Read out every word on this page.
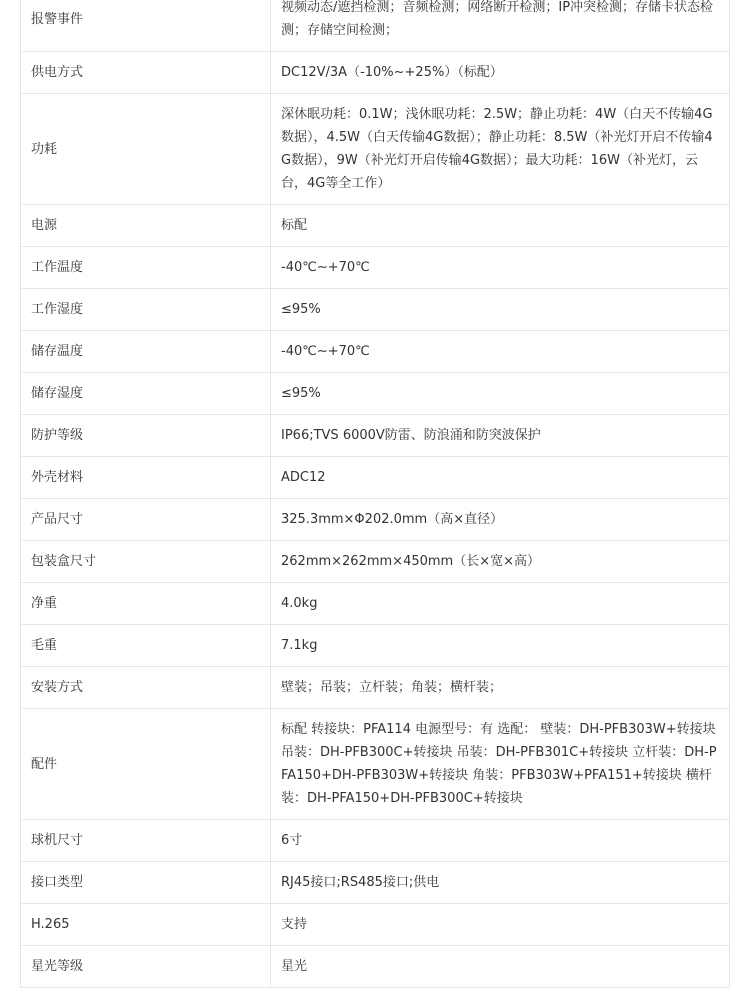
报警事件	视频动态/遮挡检测；音频检测；网络断开检测；IP冲突检测；存储卡状态检测；存储空间检测；
供电方式	DC12V/3A（-10%~+25%）（标配）
功耗	深休眠功耗：0.1W；浅休眠功耗：2.5W；静止功耗：4W（白天不传输4G数据），4.5W（白天传输4G数据）；静止功耗：8.5W（补光灯开启不传输4G数据），9W（补光灯开启传输4G数据）；最大功耗：16W（补光灯，云台，4G等全工作）
电源	标配
工作温度	-40℃~+70℃
工作湿度	≤95%
储存温度	-40℃~+70℃
储存湿度	≤95%
防护等级	IP66;TVS 6000V防雷、防浪涌和防突波保护
外壳材料	ADC12
产品尺寸	325.3mm×Φ202.0mm（高×直径）
包装盒尺寸	262mm×262mm×450mm（长×宽×高）
净重	4.0kg
毛重	7.1kg
安装方式	壁装；吊装；立杆装；角装；横杆装；
配件	标配 转接块：PFA114 电源型号：有 选配： 壁装：DH-PFB303W+转接块 吊装：DH-PFB300C+转接块 吊装：DH-PFB301C+转接块 立杆装：DH-PFA150+DH-PFB303W+转接块 角装：PFB303W+PFA151+转接块 横杆装：DH-PFA150+DH-PFB300C+转接块
球机尺寸	6寸
接口类型	RJ45接口;RS485接口;供电
H.265	支持
星光等级	星光
